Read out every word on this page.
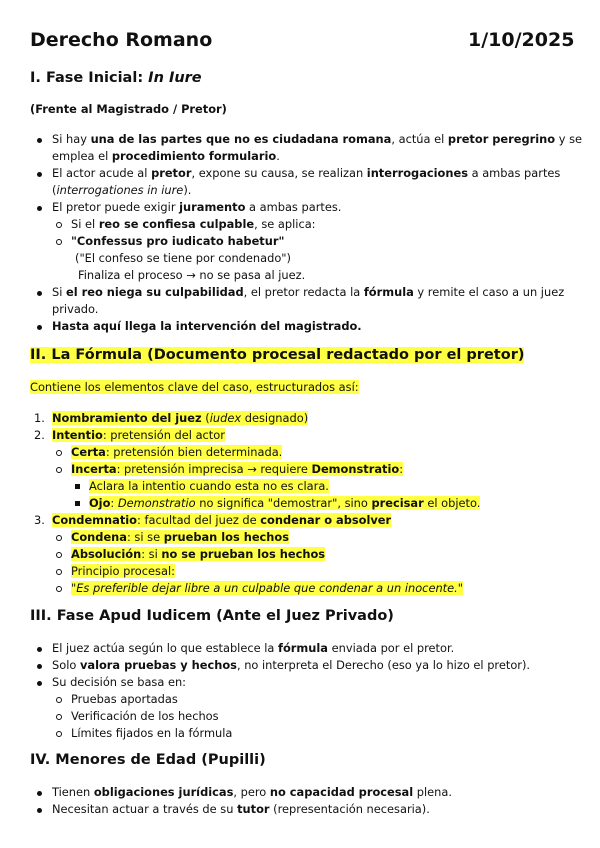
Derecho Romano	1/10/2025
I. Fase Inicial: In Iure
(Frente al Magistrado / Pretor)
Si hay una de las partes que no es ciudadana romana, actúa el pretor peregrino y se
emplea el procedimiento formulario.
El actor acude al pretor, expone su causa, se realizan interrogaciones a ambas partes
(interrogationes in iure).
El pretor puede exigir juramento a ambas partes.
Si el reo se confiesa culpable, se aplica:
"Confessus pro iudicato habetur"
("El confeso se tiene por condenado")
Finaliza el proceso → no se pasa al juez.
Si el reo niega su culpabilidad, el pretor redacta la fórmula y remite el caso a un juez
privado.
Hasta aquí llega la intervención del magistrado.
II. La Fórmula (Documento procesal redactado por el pretor)
Contiene los elementos clave del caso, estructurados así:
1. Nombramiento del juez (iudex designado)
2. Intentio: pretensión del actor
Certa: pretensión bien determinada.
Incerta: pretensión imprecisa → requiere Demonstratio:
Aclara la intentio cuando esta no es clara.
Ojo: Demonstratio no significa "demostrar", sino precisar el objeto.
3. Condemnatio: facultad del juez de condenar o absolver
Condena: si se prueban los hechos
Absolución: si no se prueban los hechos
Principio procesal:
"Es preferible dejar libre a un culpable que condenar a un inocente."
III. Fase Apud Iudicem (Ante el Juez Privado)
El juez actúa según lo que establece la fórmula enviada por el pretor.
Solo valora pruebas y hechos, no interpreta el Derecho (eso ya lo hizo el pretor).
Su decisión se basa en:
Pruebas aportadas
Verificación de los hechos
Límites fijados en la fórmula
IV. Menores de Edad (Pupilli)
Tienen obligaciones jurídicas, pero no capacidad procesal plena.
Necesitan actuar a través de su tutor (representación necesaria).
